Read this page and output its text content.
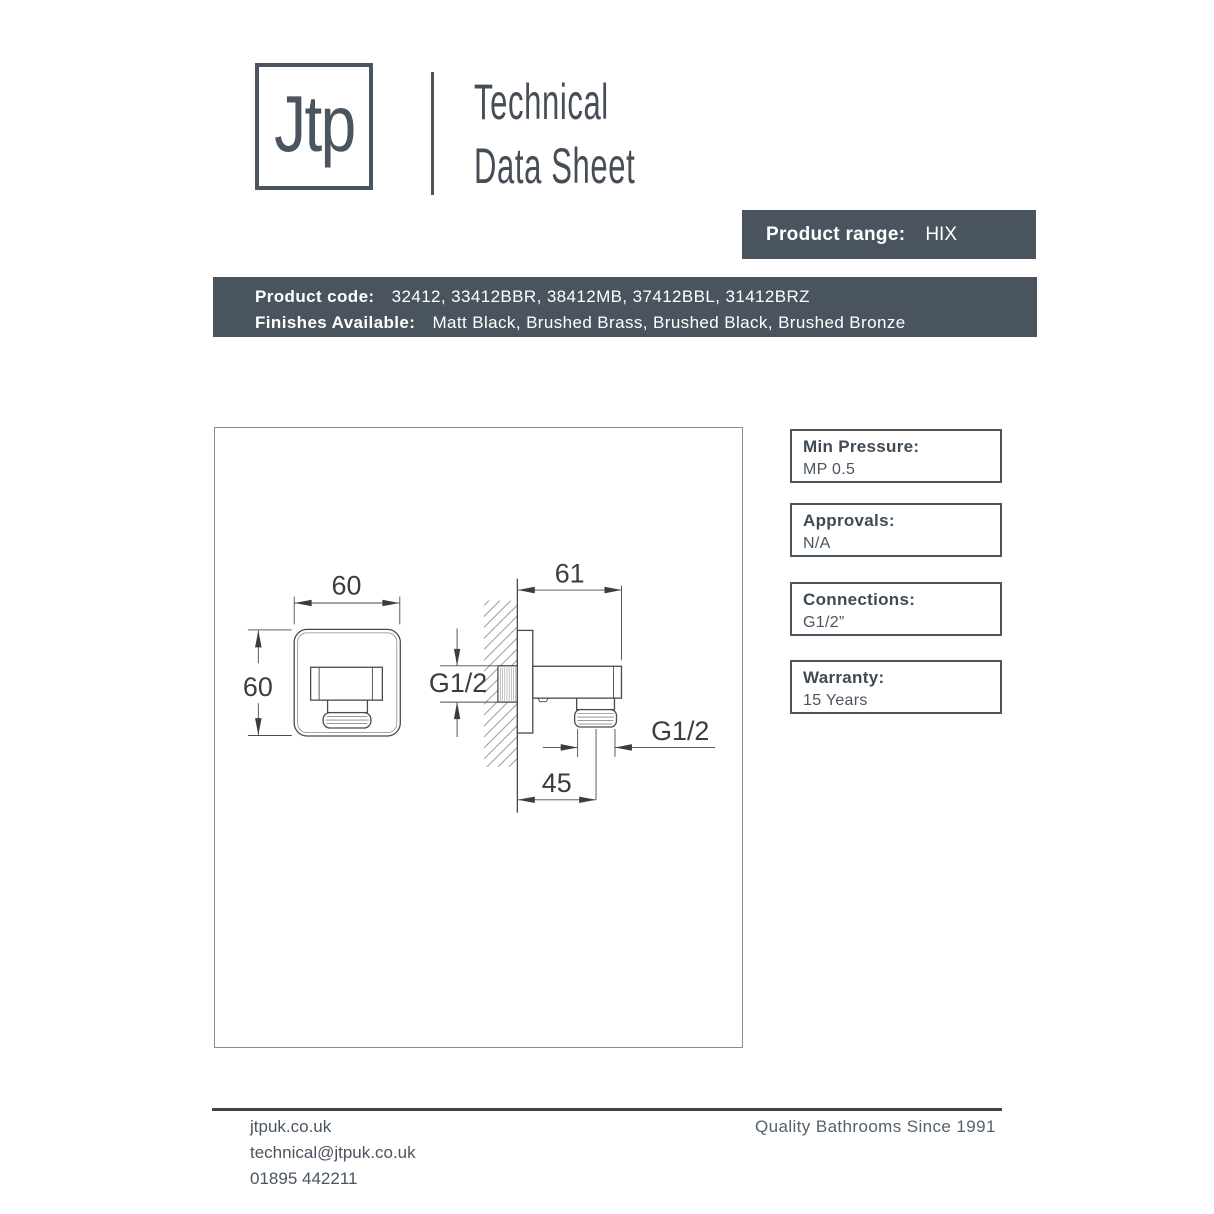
Jtp Technical
Data Sheet
Product range: HIX
Product code: 32412, 33412BBR, 38412MB, 37412BBL, 31412BRZ
Finishes Available: Matt Black, Brushed Brass, Brushed Black, Brushed Bronze
60
60
61
G1/2
G1/2
45
Min Pressure:
MP 0.5
Approvals:
N/A
Connections:
G1/2”
Warranty:
15 Years
jtpuk.co.uk
technical@jtpuk.co.uk
01895 442211
Quality Bathrooms Since 1991
